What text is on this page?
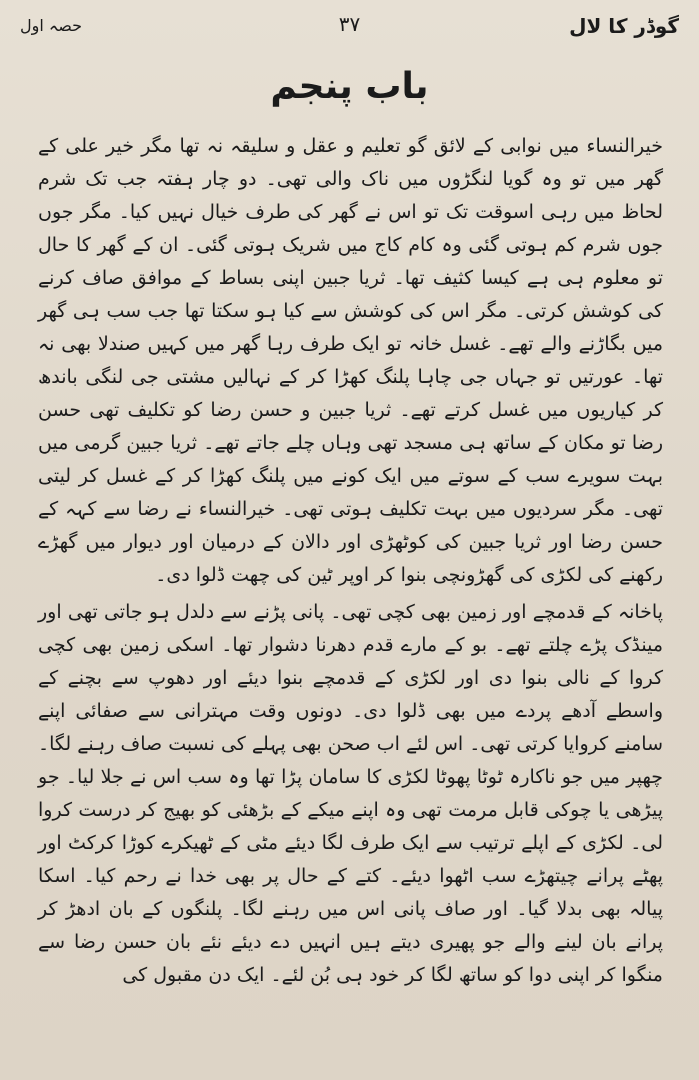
گوڈر کا لال
۳۷
حصہ اول
باب پنجم

خیرالنساء میں نوابی کے لائق گو تعلیم و عقل و سلیقہ نہ تھا مگر خیر علی کے گھر میں تو وہ گویا لنگڑوں میں ناک والی تھی۔ دو چار ہفتہ جب تک شرم لحاظ میں رہی اسوقت تک تو اس نے گھر کی طرف خیال نہیں کیا۔ مگر جوں جوں شرم کم ہوتی گئی وہ کام کاج میں شریک ہوتی گئی۔ ان کے گھر کا حال تو معلوم ہی ہے کیسا کثیف تھا۔ ثریا جبین اپنی بساط کے موافق صاف کرنے کی کوشش کرتی۔ مگر اس کی کوشش سے کیا ہو سکتا تھا جب سب ہی گھر میں بگاڑنے والے تھے۔ غسل خانہ تو ایک طرف رہا گھر میں کہیں صندلا بھی نہ تھا۔ عورتیں تو جہاں جی چاہا پلنگ کھڑا کر کے نہالیں مشتی جی لنگی باندھ کر کیاریوں میں غسل کرتے تھے۔ ثریا جبین و حسن رضا کو تکلیف تھی حسن رضا تو مکان کے ساتھ ہی مسجد تھی وہاں چلے جاتے تھے۔ ثریا جبین گرمی میں بہت سویرے سب کے سوتے میں ایک کونے میں پلنگ کھڑا کر کے غسل کر لیتی تھی۔ مگر سردیوں میں بہت تکلیف ہوتی تھی۔ خیرالنساء نے رضا سے کہہ کے حسن رضا اور ثریا جبین کی کوٹھڑی اور دالان کے درمیان اور دیوار میں گھڑے رکھنے کی لکڑی کی گھڑونچی بنوا کر اوپر ٹین کی چھت ڈلوا دی۔

پاخانہ کے قدمچے اور زمین بھی کچی تھی۔ پانی پڑنے سے دلدل ہو جاتی تھی اور مینڈک پڑے چلتے تھے۔ بو کے مارے قدم دھرنا دشوار تھا۔ اسکی زمین بھی کچی کروا کے نالی بنوا دی اور لکڑی کے قدمچے بنوا دیئے اور دھوپ سے بچنے کے واسطے آدھے پردے میں بھی ڈلوا دی۔ دونوں وقت مہترانی سے صفائی اپنے سامنے کروایا کرتی تھی۔ اس لئے اب صحن بھی پہلے کی نسبت صاف رہنے لگا۔ چھپر میں جو ناکارہ ٹوٹا پھوٹا لکڑی کا سامان پڑا تھا وہ سب اس نے جلا لیا۔ جو پیڑھی یا چوکی قابل مرمت تھی وہ اپنے میکے کے بڑھئی کو بھیج کر درست کروا لی۔ لکڑی کے اپلے ترتیب سے ایک طرف لگا دیئے مٹی کے ٹھیکرے کوڑا کرکٹ اور پھٹے پرانے چیتھڑے سب اٹھوا دیئے۔ کتے کے حال پر بھی خدا نے رحم کیا۔ اسکا پیالہ بھی بدلا گیا۔ اور صاف پانی اس میں رہنے لگا۔ پلنگوں کے بان ادھڑ کر پرانے بان لینے والے جو پھیری دیتے ہیں انہیں دے دیئے نئے بان حسن رضا سے منگوا کر اپنی دوا کو ساتھ لگا کر خود ہی بُن لئے۔ ایک دن مقبول کی
